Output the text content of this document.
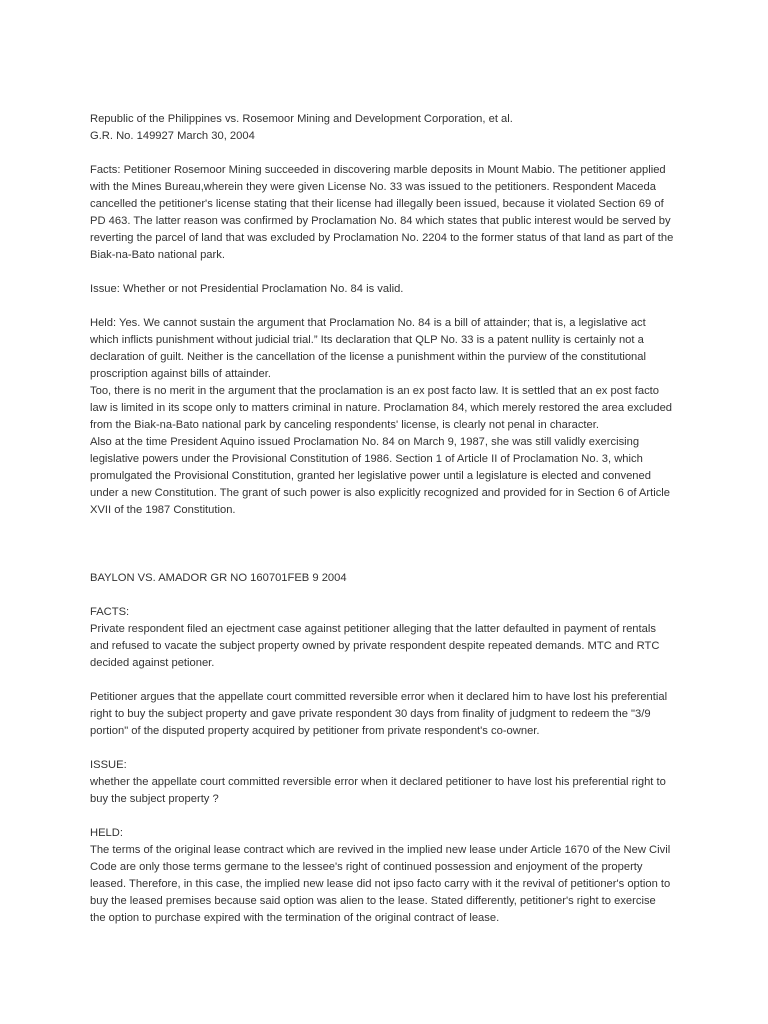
Republic of the Philippines vs. Rosemoor Mining and Development Corporation, et al.
G.R. No. 149927 March 30, 2004
Facts: Petitioner Rosemoor Mining succeeded in discovering marble deposits in Mount Mabio. The petitioner applied
with the Mines Bureau,wherein they were given License No. 33 was issued to the petitioners. Respondent Maceda
cancelled the petitioner's license stating that their license had illegally been issued, because it violated Section 69 of
PD 463. The latter reason was confirmed by Proclamation No. 84 which states that public interest would be served by
reverting the parcel of land that was excluded by Proclamation No. 2204 to the former status of that land as part of the
Biak-na-Bato national park.
Issue: Whether or not Presidential Proclamation No. 84 is valid.
Held: Yes. We cannot sustain the argument that Proclamation No. 84 is a bill of attainder; that is, a legislative act
which inflicts punishment without judicial trial.” Its declaration that QLP No. 33 is a patent nullity is certainly not a
declaration of guilt. Neither is the cancellation of the license a punishment within the purview of the constitutional
proscription against bills of attainder.
Too, there is no merit in the argument that the proclamation is an ex post facto law. It is settled that an ex post facto
law is limited in its scope only to matters criminal in nature. Proclamation 84, which merely restored the area excluded
from the Biak-na-Bato national park by canceling respondents' license, is clearly not penal in character.
Also at the time President Aquino issued Proclamation No. 84 on March 9, 1987, she was still validly exercising
legislative powers under the Provisional Constitution of 1986. Section 1 of Article II of Proclamation No. 3, which
promulgated the Provisional Constitution, granted her legislative power until a legislature is elected and convened
under a new Constitution. The grant of such power is also explicitly recognized and provided for in Section 6 of Article
XVII of the 1987 Constitution.
BAYLON VS. AMADOR GR NO 160701FEB 9 2004
FACTS:
Private respondent filed an ejectment case against petitioner alleging that the latter defaulted in payment of rentals
and refused to vacate the subject property owned by private respondent despite repeated demands. MTC and RTC
decided against petioner.
Petitioner argues that the appellate court committed reversible error when it declared him to have lost his preferential
right to buy the subject property and gave private respondent 30 days from finality of judgment to redeem the "3/9
portion" of the disputed property acquired by petitioner from private respondent's co-owner.
ISSUE:
whether the appellate court committed reversible error when it declared petitioner to have lost his preferential right to
buy the subject property ?
HELD:
The terms of the original lease contract which are revived in the implied new lease under Article 1670 of the New Civil
Code are only those terms germane to the lessee's right of continued possession and enjoyment of the property
leased. Therefore, in this case, the implied new lease did not ipso facto carry with it the revival of petitioner's option to
buy the leased premises because said option was alien to the lease. Stated differently, petitioner's right to exercise
the option to purchase expired with the termination of the original contract of lease.
